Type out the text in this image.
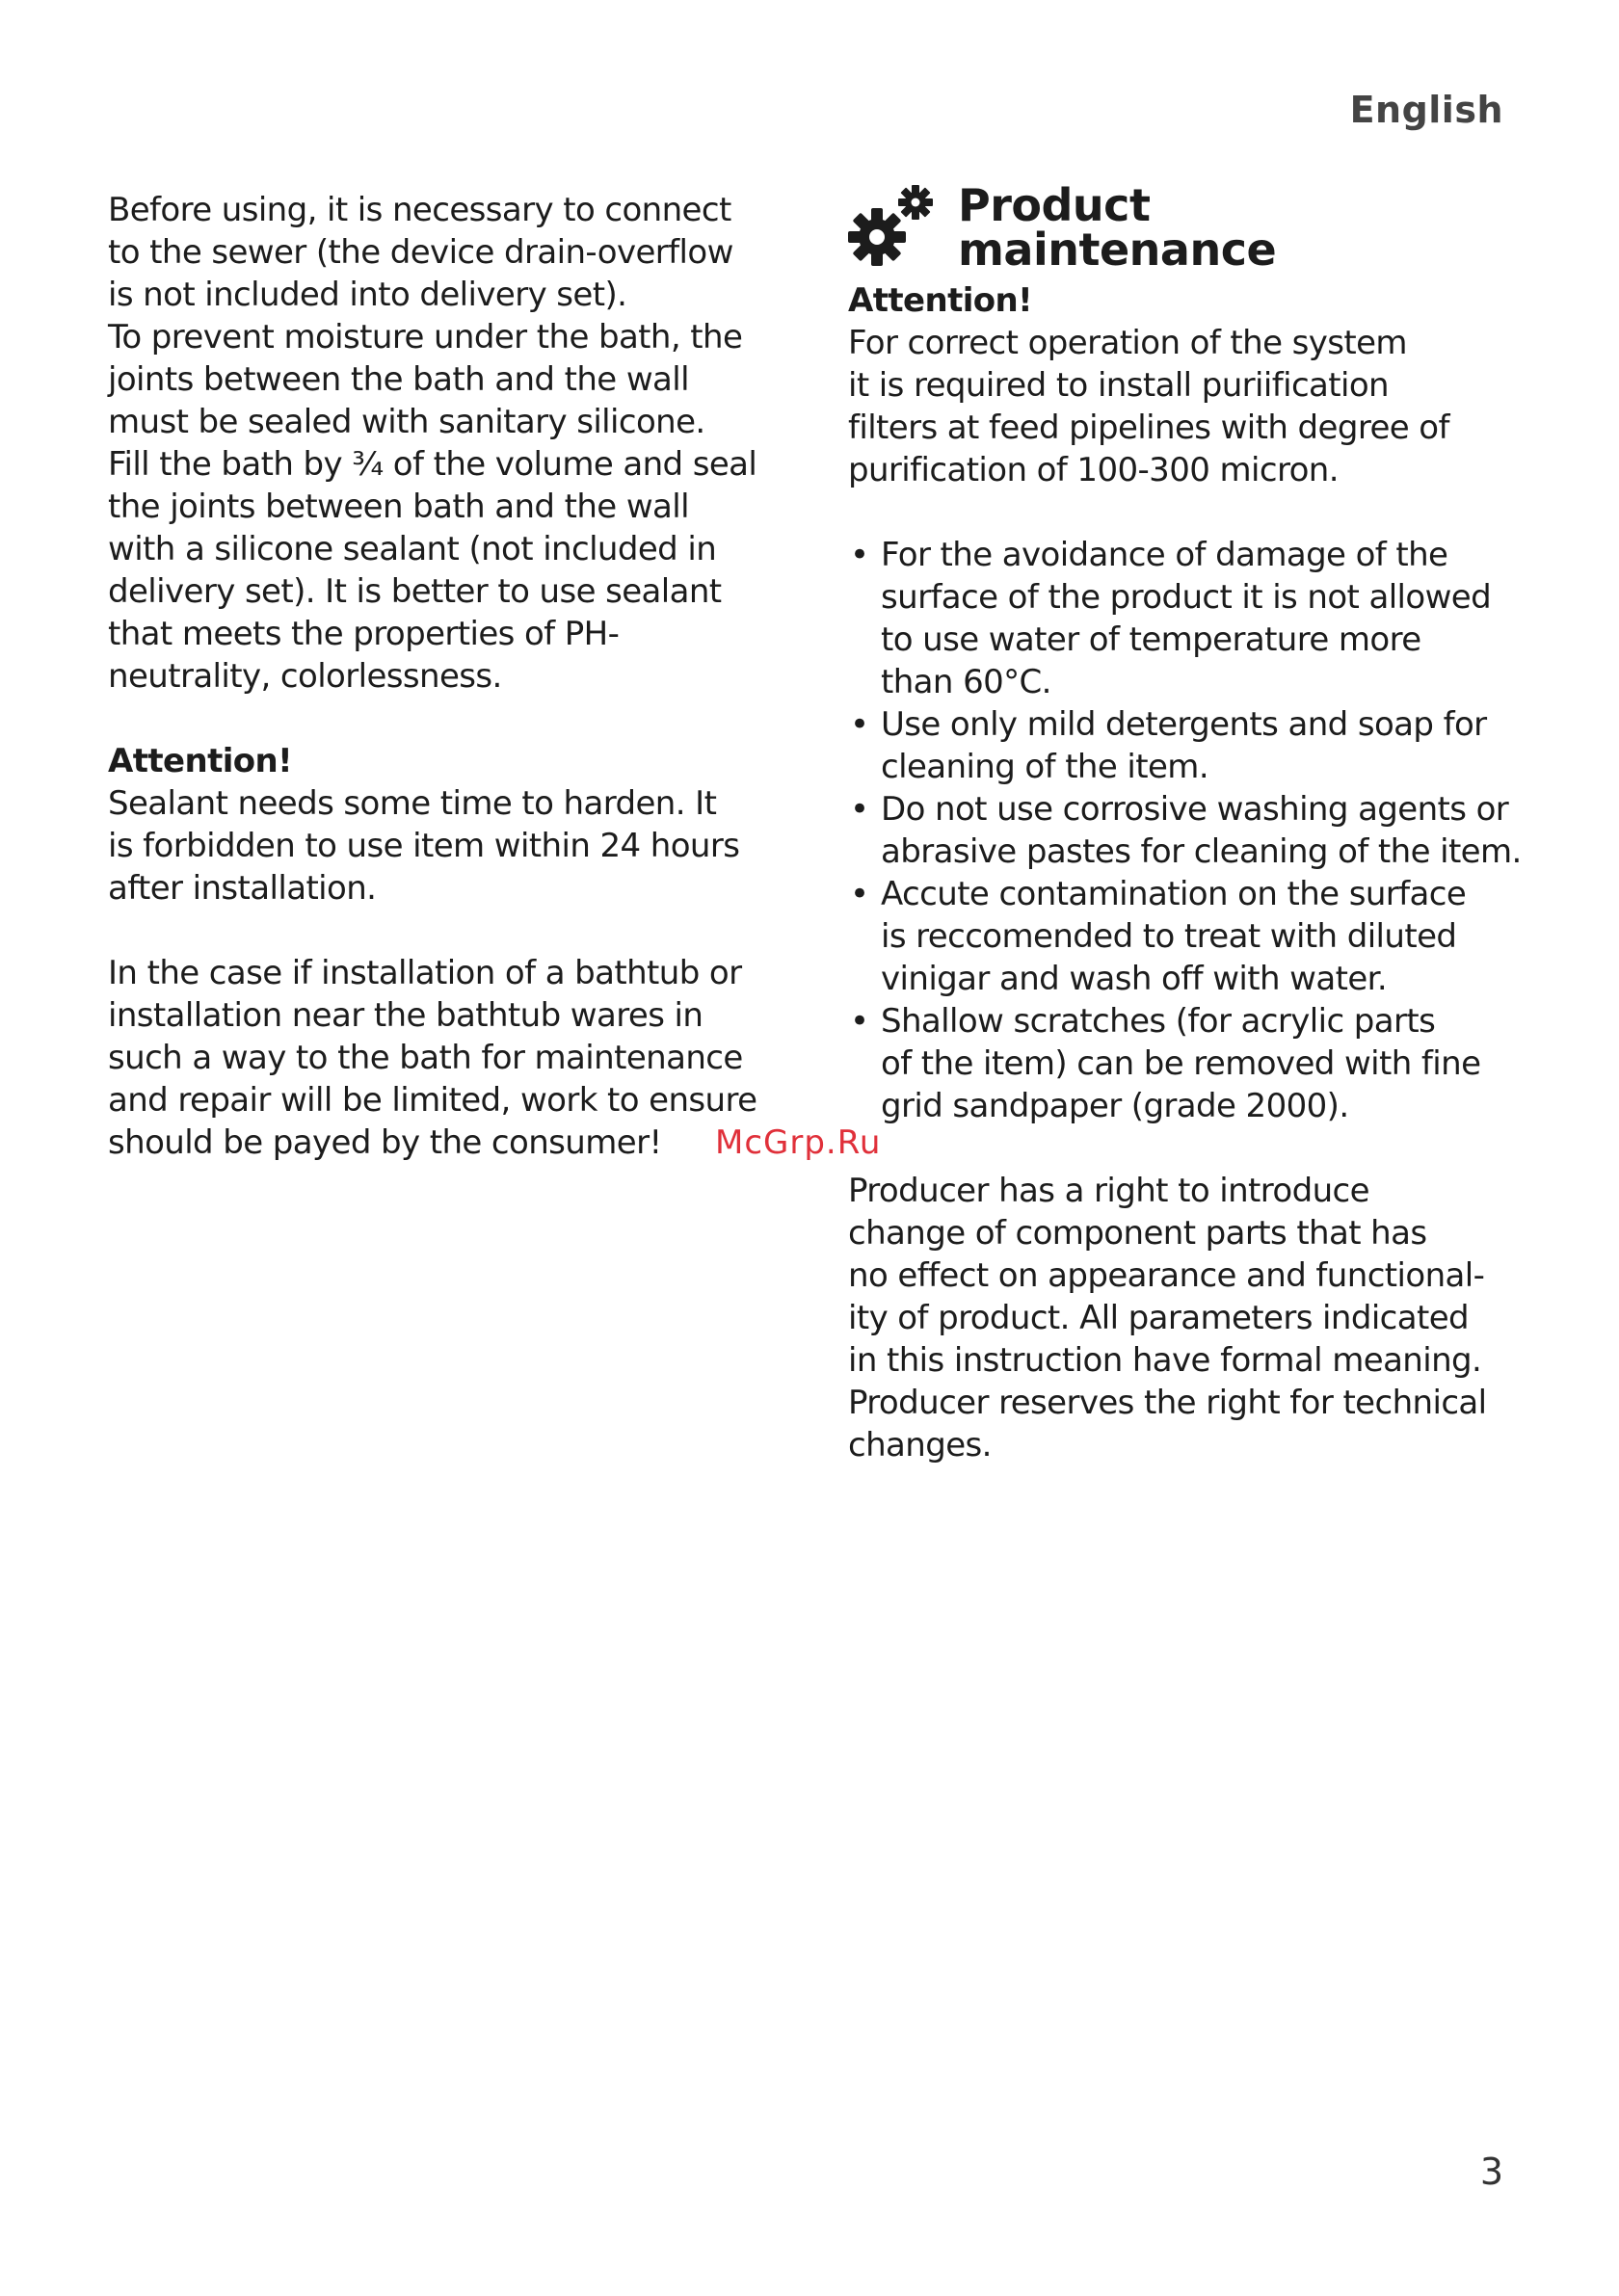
English

Before using, it is necessary to connect
to the sewer (the device drain-overflow
is not included into delivery set).
To prevent moisture under the bath, the
joints between the bath and the wall
must be sealed with sanitary silicone.
Fill the bath by ¾ of the volume and seal
the joints between bath and the wall
with a silicone sealant (not included in
delivery set). It is better to use sealant
that meets the properties of PH-
neutrality, colorlessness.

Attention!
Sealant needs some time to harden. It
is forbidden to use item within 24 hours
after installation.

In the case if installation of a bathtub or
installation near the bathtub wares in
such a way to the bath for maintenance
and repair will be limited, work to ensure
should be payed by the consumer!

Product
maintenance

Attention!
For correct operation of the system
it is required to install puriification
filters at feed pipelines with degree of
purification of 100-300 micron.

• For the avoidance of damage of the
surface of the product it is not allowed
to use water of temperature more
than 60°C.
• Use only mild detergents and soap for
cleaning of the item.
• Do not use corrosive washing agents or
abrasive pastes for cleaning of the item.
• Accute contamination on the surface
is reccomended to treat with diluted
vinigar and wash off with water.
• Shallow scratches (for acrylic parts
of the item) can be removed with fine
grid sandpaper (grade 2000).

Producer has a right to introduce
change of component parts that has
no effect on appearance and functional-
ity of product. All parameters indicated
in this instruction have formal meaning.
Producer reserves the right for technical
changes.

McGrp.Ru
3
